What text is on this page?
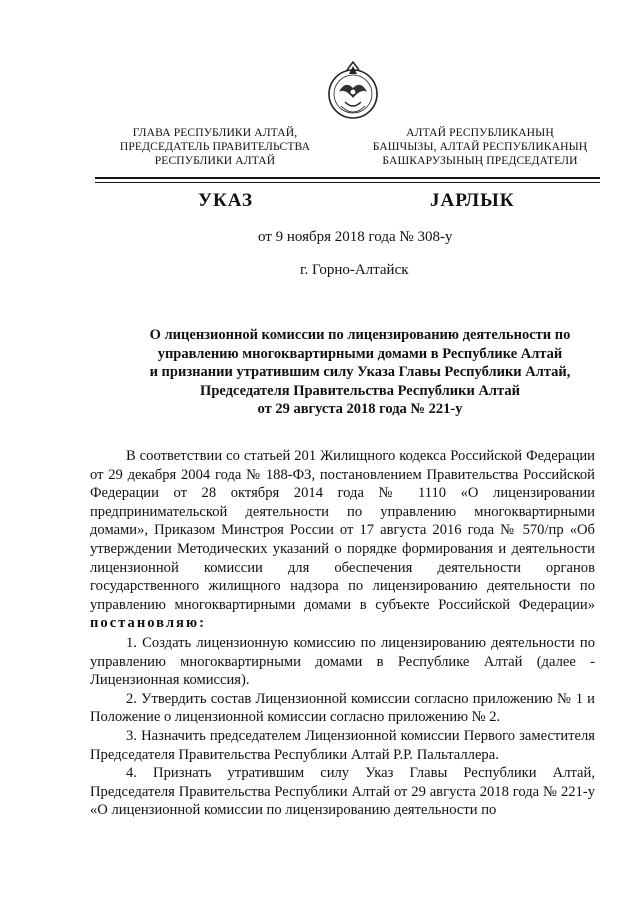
ГЛАВА РЕСПУБЛИКИ АЛТАЙ,
ПРЕДСЕДАТЕЛЬ ПРАВИТЕЛЬСТВА
РЕСПУБЛИКИ АЛТАЙ
АЛТАЙ РЕСПУБЛИКАНЫҢ
БАШЧЫЗЫ, АЛТАЙ РЕСПУБЛИКАНЫҢ
БАШКАРУЗЫНЫҢ ПРЕДСЕДАТЕЛИ
УКАЗ	JАРЛЫК
от 9 ноября 2018 года № 308-у
г. Горно-Алтайск
О лицензионной комиссии по лицензированию деятельности по
управлению многоквартирными домами в Республике Алтай
и признании утратившим силу Указа Главы Республики Алтай,
Председателя Правительства Республики Алтай
от 29 августа 2018 года № 221-у

В соответствии со статьей 201 Жилищного кодекса Российской Федерации от 29 декабря 2004 года № 188-ФЗ, постановлением Правительства Российской Федерации от 28 октября 2014 года № 1110 «О лицензировании предпринимательской деятельности по управлению многоквартирными домами», Приказом Минстроя России от 17 августа 2016 года № 570/пр «Об утверждении Методических указаний о порядке формирования и деятельности лицензионной комиссии для обеспечения деятельности органов государственного жилищного надзора по лицензированию деятельности по управлению многоквартирными домами в субъекте Российской Федерации» постановляю:

1. Создать лицензионную комиссию по лицензированию деятельности по управлению многоквартирными домами в Республике Алтай (далее - Лицензионная комиссия).

2. Утвердить состав Лицензионной комиссии согласно приложению № 1 и Положение о лицензионной комиссии согласно приложению № 2.

3. Назначить председателем Лицензионной комиссии Первого заместителя Председателя Правительства Республики Алтай Р.Р. Пальталлера.

4. Признать утратившим силу Указ Главы Республики Алтай, Председателя Правительства Республики Алтай от 29 августа 2018 года № 221-у «О лицензионной комиссии по лицензированию деятельности по
